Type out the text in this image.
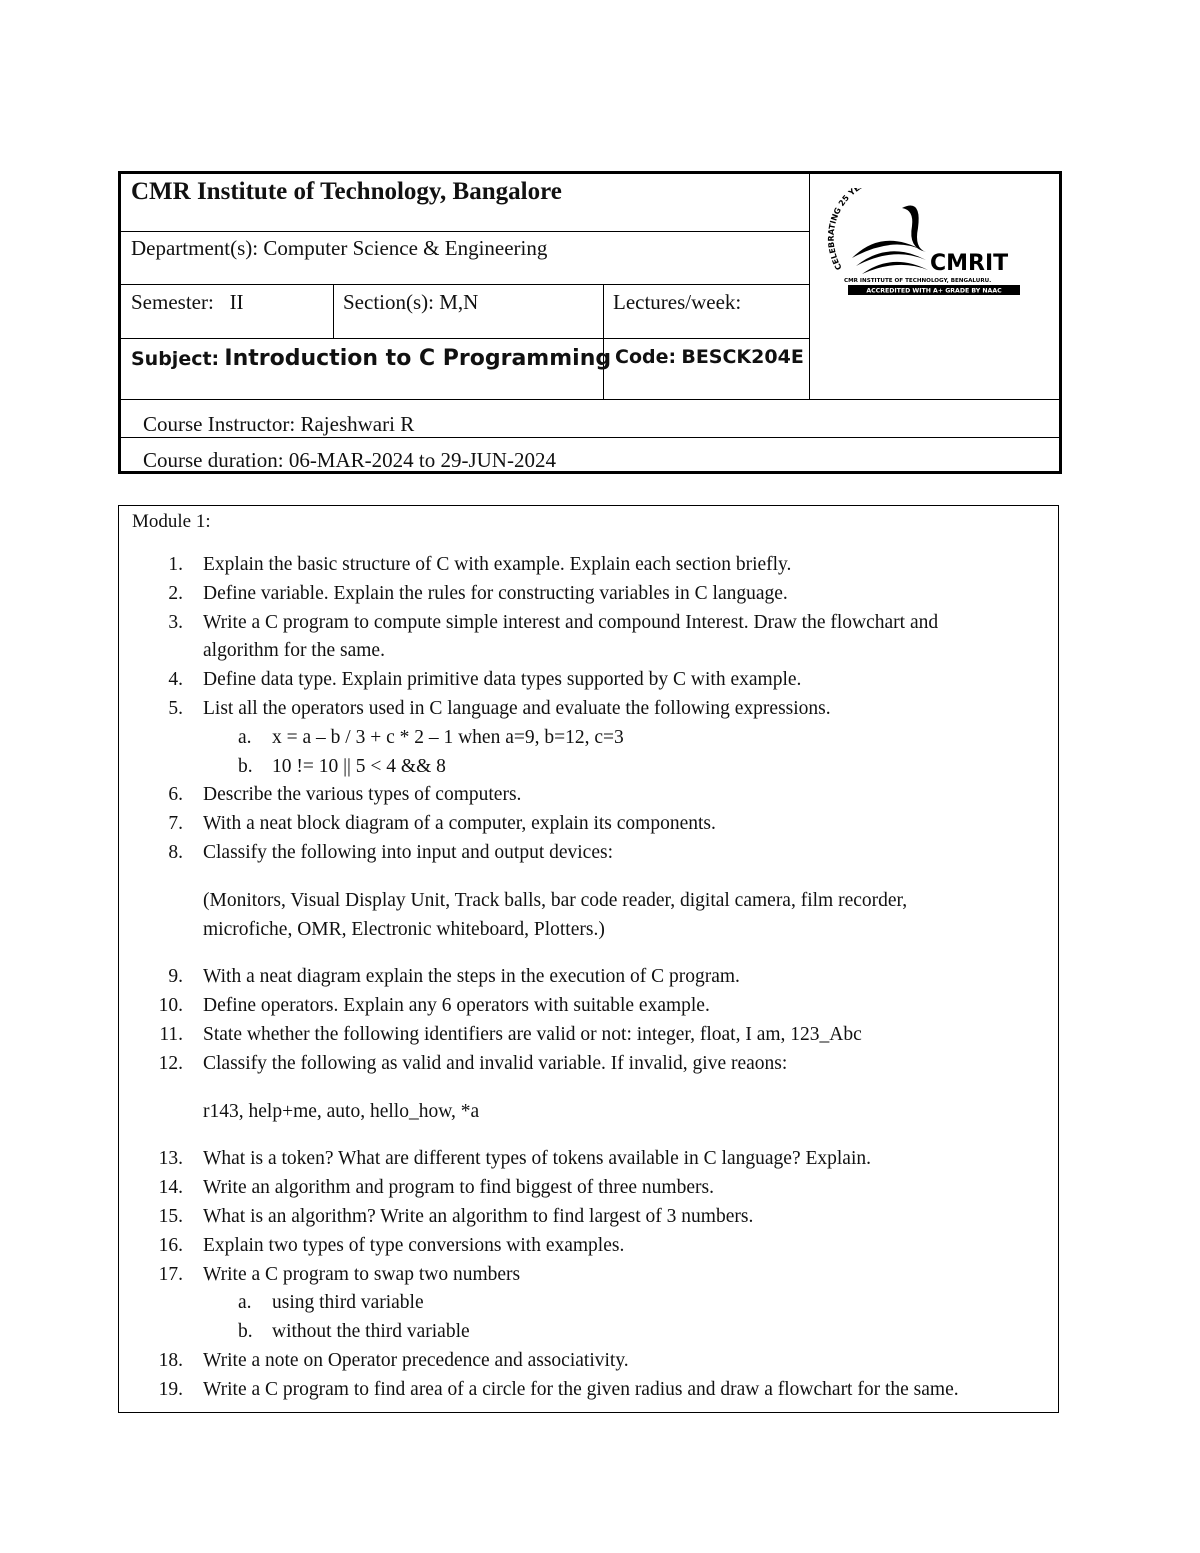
CMR Institute of Technology, Bangalore
Department(s): Computer Science & Engineering
Semester: II	Section(s): M,N	Lectures/week:
Subject: Introduction to C Programming Code: BESCK204E
Course Instructor: Rajeshwari R
Course duration: 06-MAR-2024 to 29-JUN-2024
CELEBRATING 25 YE
CMRIT
CMR INSTITUTE OF TECHNOLOGY, BENGALURU.
ACCREDITED WITH A+ GRADE BY NAAC
Module 1:
1. Explain the basic structure of C with example. Explain each section briefly.
2. Define variable. Explain the rules for constructing variables in C language.
3. Write a C program to compute simple interest and compound Interest. Draw the flowchart and
algorithm for the same.
4. Define data type. Explain primitive data types supported by C with example.
5. List all the operators used in C language and evaluate the following expressions.
a. x = a – b / 3 + c * 2 – 1 when a=9, b=12, c=3
b. 10 != 10 || 5 < 4 && 8
6. Describe the various types of computers.
7. With a neat block diagram of a computer, explain its components.
8. Classify the following into input and output devices:
(Monitors, Visual Display Unit, Track balls, bar code reader, digital camera, film recorder,
microfiche, OMR, Electronic whiteboard, Plotters.)
9. With a neat diagram explain the steps in the execution of C program.
10. Define operators. Explain any 6 operators with suitable example.
11. State whether the following identifiers are valid or not: integer, float, I am, 123_Abc
12. Classify the following as valid and invalid variable. If invalid, give reaons:
r143, help+me, auto, hello_how, *a
13. What is a token? What are different types of tokens available in C language? Explain.
14. Write an algorithm and program to find biggest of three numbers.
15. What is an algorithm? Write an algorithm to find largest of 3 numbers.
16. Explain two types of type conversions with examples.
17. Write a C program to swap two numbers
a. using third variable
b. without the third variable
18. Write a note on Operator precedence and associativity.
19. Write a C program to find area of a circle for the given radius and draw a flowchart for the same.
